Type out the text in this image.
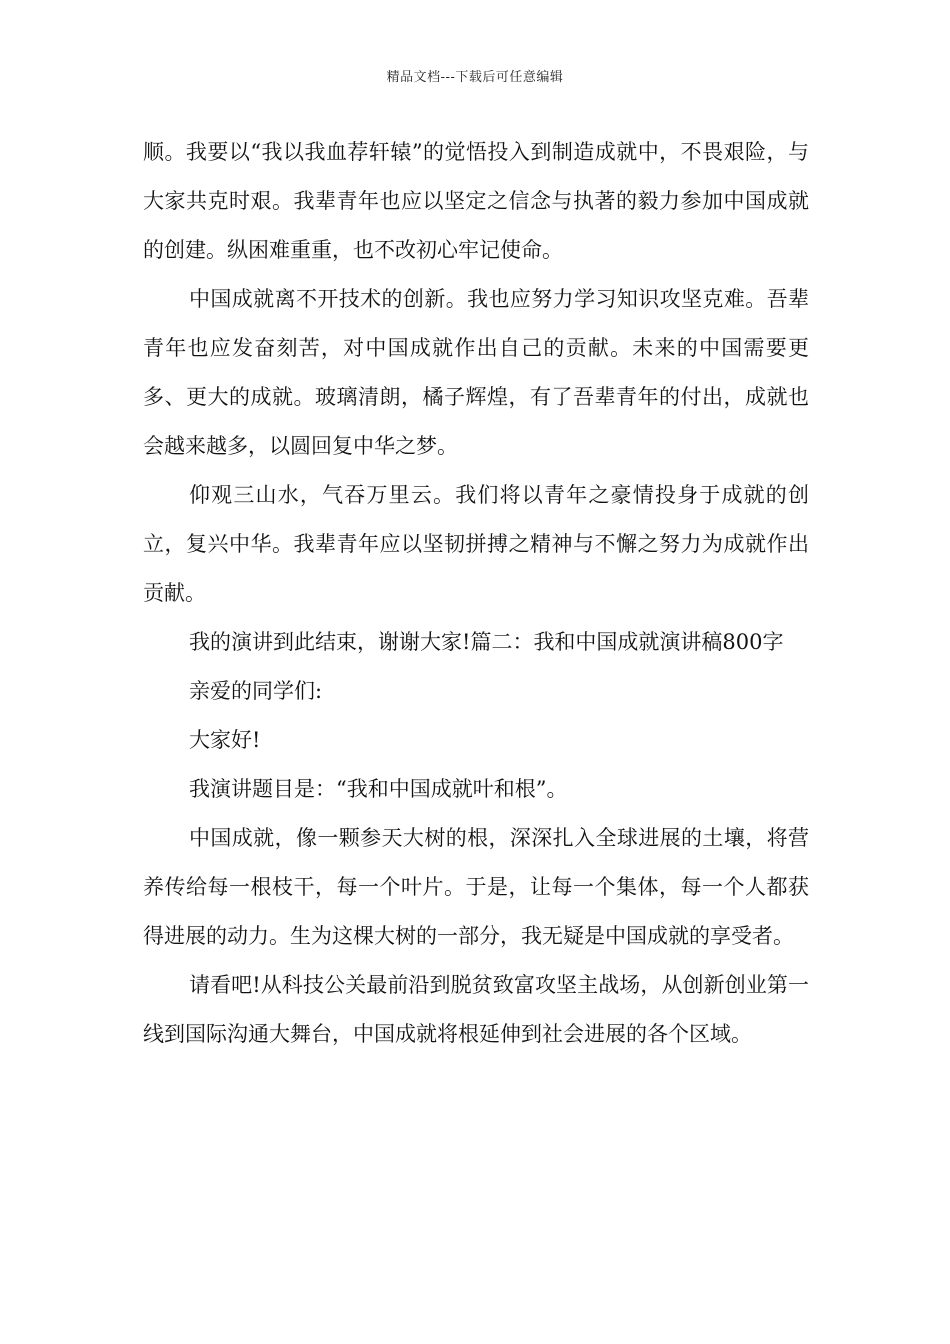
精品文档---下载后可任意编辑

顺。我要以“我以我血荐轩辕”的觉悟投入到制造成就中，不畏艰险，与大家共克时艰。我辈青年也应以坚定之信念与执著的毅力参加中国成就的创建。纵困难重重，也不改初心牢记使命。

中国成就离不开技术的创新。我也应努力学习知识攻坚克难。吾辈青年也应发奋刻苦，对中国成就作出自己的贡献。未来的中国需要更多、更大的成就。玻璃清朗，橘子辉煌，有了吾辈青年的付出，成就也会越来越多，以圆回复中华之梦。

仰观三山水，气吞万里云。我们将以青年之豪情投身于成就的创立，复兴中华。我辈青年应以坚韧拼搏之精神与不懈之努力为成就作出贡献。

我的演讲到此结束，谢谢大家!篇二：我和中国成就演讲稿800字

亲爱的同学们:

大家好!

我演讲题目是：“我和中国成就叶和根”。

中国成就，像一颗参天大树的根，深深扎入全球进展的土壤，将营养传给每一根枝干，每一个叶片。于是，让每一个集体，每一个人都获得进展的动力。生为这棵大树的一部分，我无疑是中国成就的享受者。

请看吧!从科技公关最前沿到脱贫致富攻坚主战场，从创新创业第一线到国际沟通大舞台，中国成就将根延伸到社会进展的各个区域。
